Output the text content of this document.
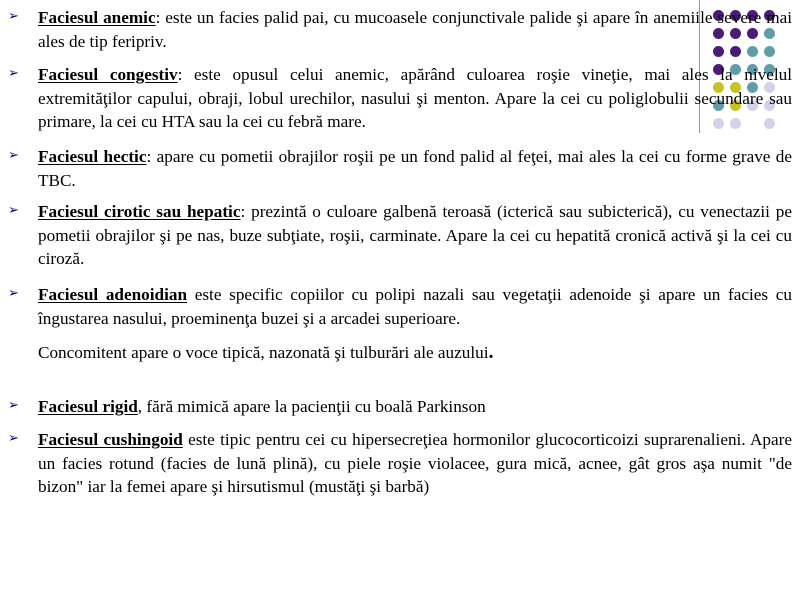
➢	Faciesul anemic: este un facies palid pai, cu mucoasele conjunctivale palide şi apare în anemiile severe mai ales de tip feripriv.
➢	Faciesul congestiv: este opusul celui anemic, apărând culoarea roşie vineţie, mai ales la nivelul extremităţilor capului, obraji, lobul urechilor, nasului şi menton. Apare la cei cu poliglobulii secundare sau primare, la cei cu HTA sau la cei cu febră mare.
➢	Faciesul hectic: apare cu pometii obrajilor roşii pe un fond palid al feţei, mai ales la cei cu forme grave de TBC.
➢	Faciesul cirotic sau hepatic: prezintă o culoare galbenă teroasă (icterică sau subicterică), cu venectazii pe pometii obrajilor şi pe nas, buze subţiate, roşii, carminate. Apare la cei cu hepatită cronică activă şi la cei cu ciroză.
➢	Faciesul adenoidian este specific copiilor cu polipi nazali sau vegetaţii adenoide şi apare un facies cu îngustarea nasului, proeminenţa buzei şi a arcadei superioare.
Concomitent apare o voce tipică, nazonată şi tulburări ale auzului.
➢	Faciesul rigid, fără mimică apare la pacienţii cu boală Parkinson
➢	Faciesul cushingoid este tipic pentru cei cu hipersecreţiea hormonilor glucocorticoizi suprarenalieni. Apare un facies rotund (facies de lună plină), cu piele roşie violacee, gura mică, acnee, gât gros aşa numit "de bizon" iar la femei apare şi hirsutismul (mustăţi şi barbă)
